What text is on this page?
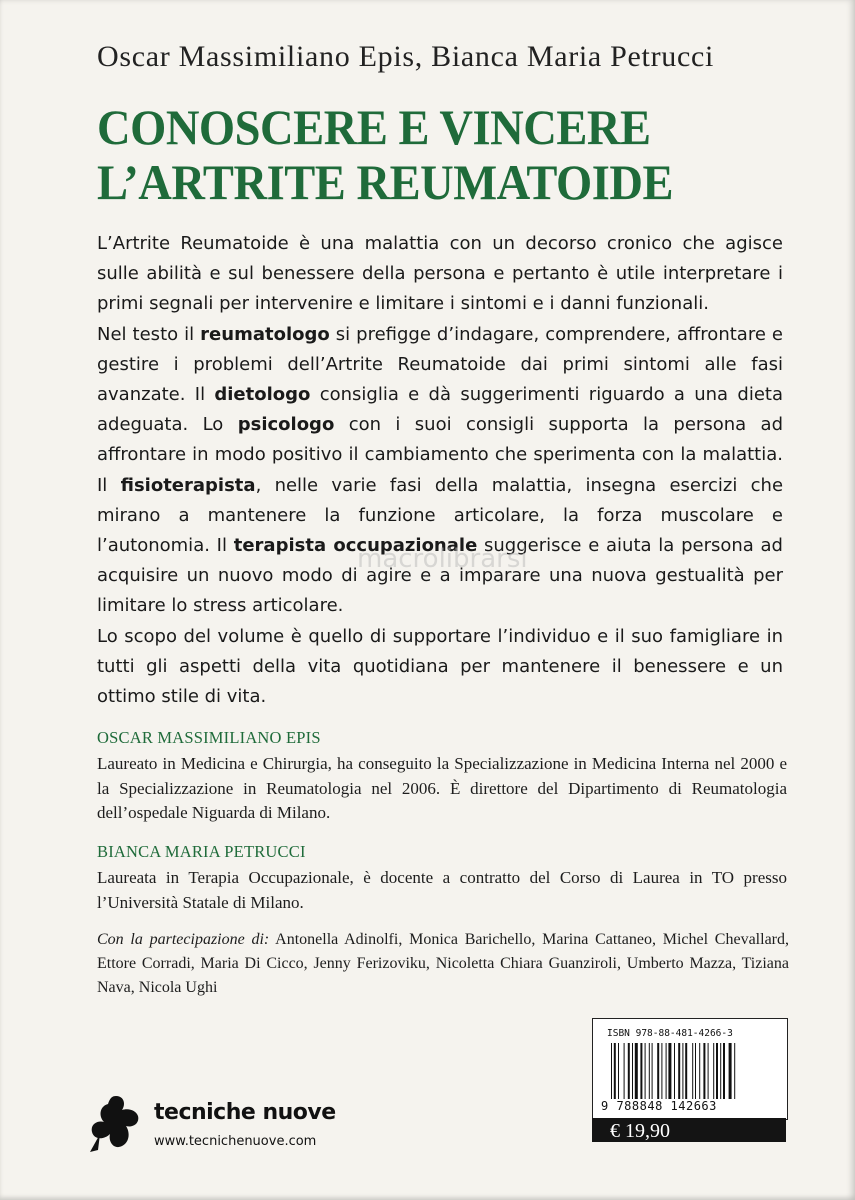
Oscar Massimiliano Epis, Bianca Maria Petrucci
CONOSCERE E VINCERE
L’ARTRITE REUMATOIDE

L’Artrite Reumatoide è una malattia con un decorso cronico che agisce sulle abilità e sul benessere della persona e pertanto è utile interpretare i primi segnali per intervenire e limitare i sintomi e i danni funzionali.

Nel testo il reumatologo si prefigge d’indagare, comprendere, affrontare e gestire i problemi dell’Artrite Reumatoide dai primi sintomi alle fasi avanzate. Il dietologo consiglia e dà suggerimenti riguardo a una dieta adeguata. Lo psicologo con i suoi consigli supporta la persona ad affrontare in modo positivo il cambiamento che sperimenta con la malattia. Il fisioterapista, nelle varie fasi della malattia, insegna esercizi che mirano a mantenere la funzione articolare, la forza muscolare e l’autonomia. Il terapista occupazionale suggerisce e aiuta la persona ad acquisire un nuovo modo di agire e a imparare una nuova gestualità per limitare lo stress articolare.

Lo scopo del volume è quello di supportare l’individuo e il suo famigliare in tutti gli aspetti della vita quotidiana per mantenere il benessere e un ottimo stile di vita.

macrolibrarsi
OSCAR MASSIMILIANO EPIS
Laureato in Medicina e Chirurgia, ha conseguito la Specializzazione in Medicina Interna nel 2000 e la Specializzazione in Reumatologia nel 2006. È direttore del Dipartimento di Reumatologia dell’ospedale Niguarda di Milano.
BIANCA MARIA PETRUCCI
Laureata in Terapia Occupazionale, è docente a contratto del Corso di Laurea in TO presso l’Università Statale di Milano.
Con la partecipazione di: Antonella Adinolfi, Monica Barichello, Marina Cattaneo, Michel Chevallard, Ettore Corradi, Maria Di Cicco, Jenny Ferizoviku, Nicoletta Chiara Guanziroli, Umberto Mazza, Tiziana Nava, Nicola Ughi
tecniche nuove
www.tecnichenuove.com
ISBN 978-88-481-4266-3
9 788848 142663
€ 19,90
